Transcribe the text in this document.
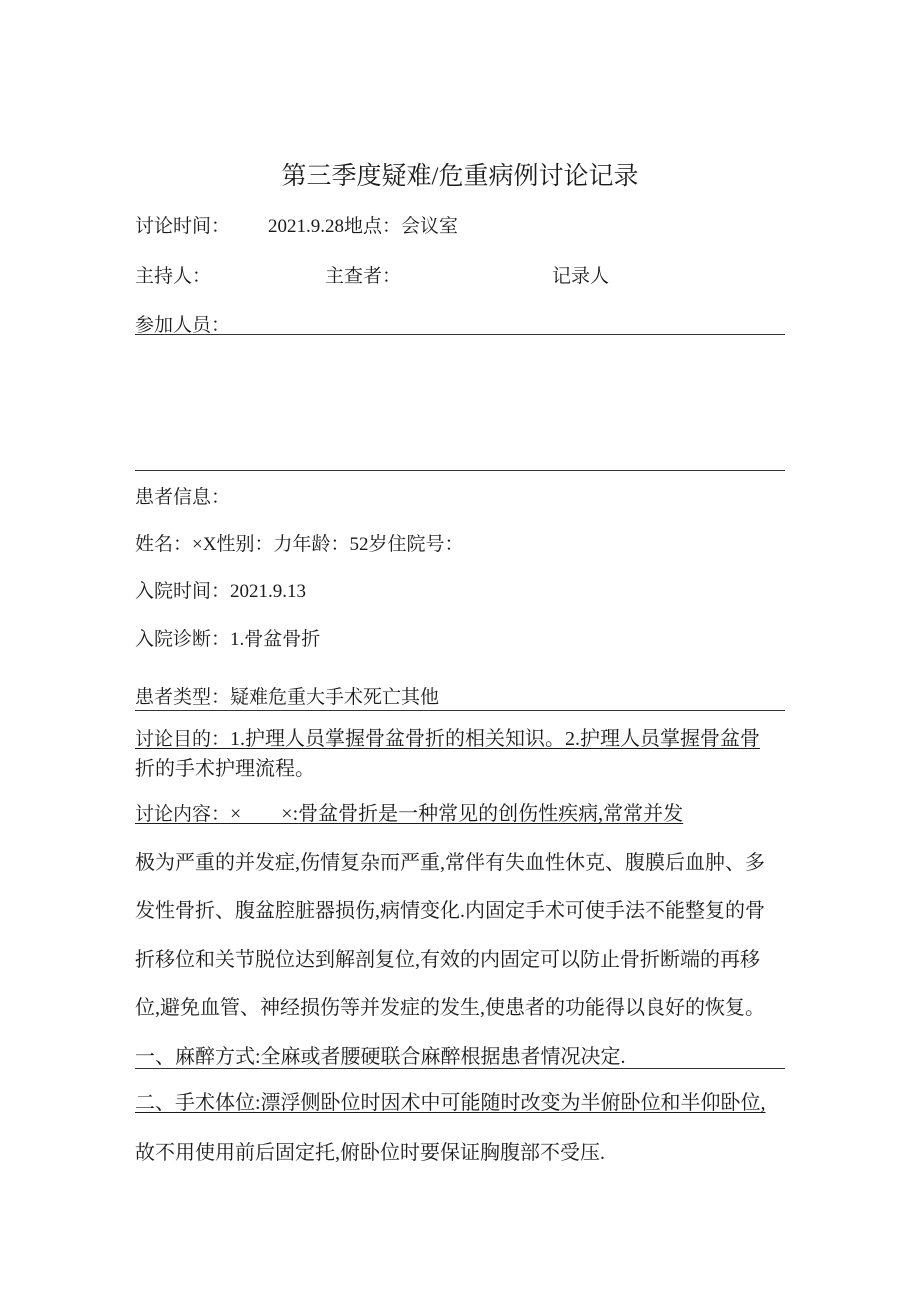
第三季度疑难/危重病例讨论记录
讨论时间： 2021.9.28地点：会议室
主持人：	主查者：	记录人
参加人员：
患者信息：
姓名：×X性别：力年龄：52岁住院号：
入院时间：2021.9.13
入院诊断：1.骨盆骨折
患者类型：疑难危重大手术死亡其他
讨论目的：1.护理人员掌握骨盆骨折的相关知识。2.护理人员掌握骨盆骨
折的手术护理流程。
讨论内容：×　　×:骨盆骨折是一种常见的创伤性疾病,常常并发
极为严重的并发症,伤情复杂而严重,常伴有失血性休克、腹膜后血肿、多
发性骨折、腹盆腔脏器损伤,病情变化.内固定手术可使手法不能整复的骨
折移位和关节脱位达到解剖复位,有效的内固定可以防止骨折断端的再移
位,避免血管、神经损伤等并发症的发生,使患者的功能得以良好的恢复。
一、麻醉方式:全麻或者腰硬联合麻醉根据患者情况决定.
二、手术体位:漂浮侧卧位时因术中可能随时改变为半俯卧位和半仰卧位,
故不用使用前后固定托,俯卧位时要保证胸腹部不受压.
